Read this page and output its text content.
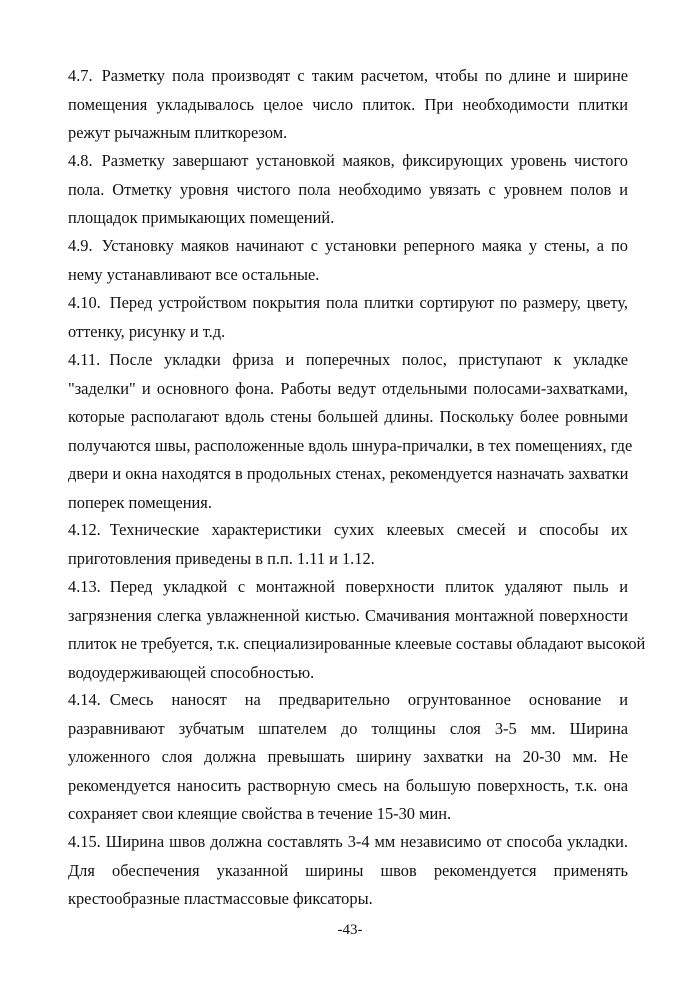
4.7. Разметку пола производят с таким расчетом, чтобы по длине и ширине
помещения укладывалось целое число плиток. При необходимости плитки
режут рычажным плиткорезом.
4.8. Разметку завершают установкой маяков, фиксирующих уровень чистого
пола. Отметку уровня чистого пола необходимо увязать с уровнем полов и
площадок примыкающих помещений.
4.9. Установку маяков начинают с установки реперного маяка у стены, а по
нему устанавливают все остальные.
4.10. Перед устройством покрытия пола плитки сортируют по размеру, цвету,
оттенку, рисунку и т.д.
4.11. После укладки фриза и поперечных полос, приступают к укладке
"заделки" и основного фона. Работы ведут отдельными полосами-захватками,
которые располагают вдоль стены большей длины. Поскольку более ровными
получаются швы, расположенные вдоль шнура-причалки, в тех помещениях, где
двери и окна находятся в продольных стенах, рекомендуется назначать захватки
поперек помещения.
4.12. Технические характеристики сухих клеевых смесей и способы их
приготовления приведены в п.п. 1.11 и 1.12.
4.13. Перед укладкой с монтажной поверхности плиток удаляют пыль и
загрязнения слегка увлажненной кистью. Смачивания монтажной поверхности
плиток не требуется, т.к. специализированные клеевые составы обладают высокой
водоудерживающей способностью.
4.14. Смесь наносят на предварительно огрунтованное основание и
разравнивают зубчатым шпателем до толщины слоя 3-5 мм. Ширина
уложенного слоя должна превышать ширину захватки на 20-30 мм. Не
рекомендуется наносить растворную смесь на большую поверхность, т.к. она
сохраняет свои клеящие свойства в течение 15-30 мин.
4.15. Ширина швов должна составлять 3-4 мм независимо от способа укладки.
Для обеспечения указанной ширины швов рекомендуется применять
крестообразные пластмассовые фиксаторы.
-43-
